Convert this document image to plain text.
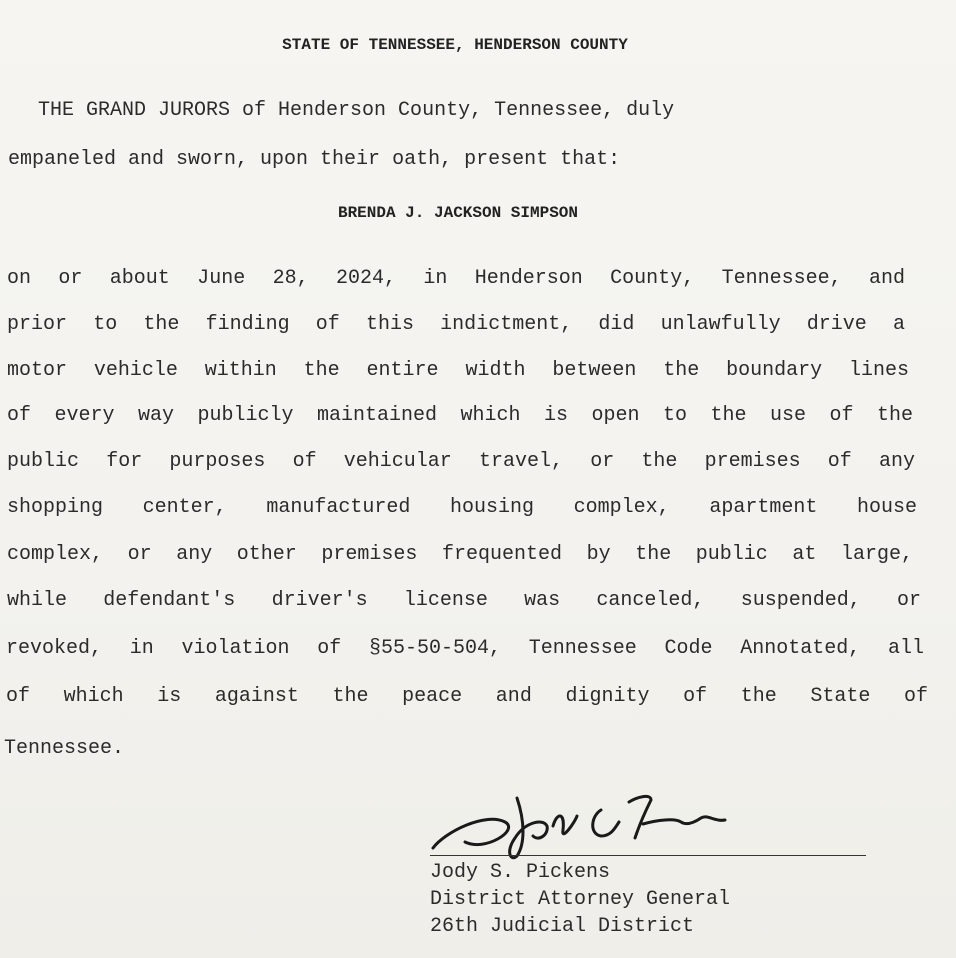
STATE OF TENNESSEE, HENDERSON COUNTY
THE GRAND JURORS of Henderson County, Tennessee, duly
empaneled and sworn, upon their oath, present that:
BRENDA J. JACKSON SIMPSON
on or about June 28, 2024, in Henderson County, Tennessee, and
prior to the finding of this indictment, did unlawfully drive a
motor vehicle within the entire width between the boundary lines
of every way publicly maintained which is open to the use of the
public for purposes of vehicular travel, or the premises of any
shopping center, manufactured housing complex, apartment house
complex, or any other premises frequented by the public at large,
while defendant's driver's license was canceled, suspended, or
revoked, in violation of §55-50-504, Tennessee Code Annotated, all
of which is against the peace and dignity of the State of
Tennessee.
Jody S. Pickens
District Attorney General
26th Judicial District
